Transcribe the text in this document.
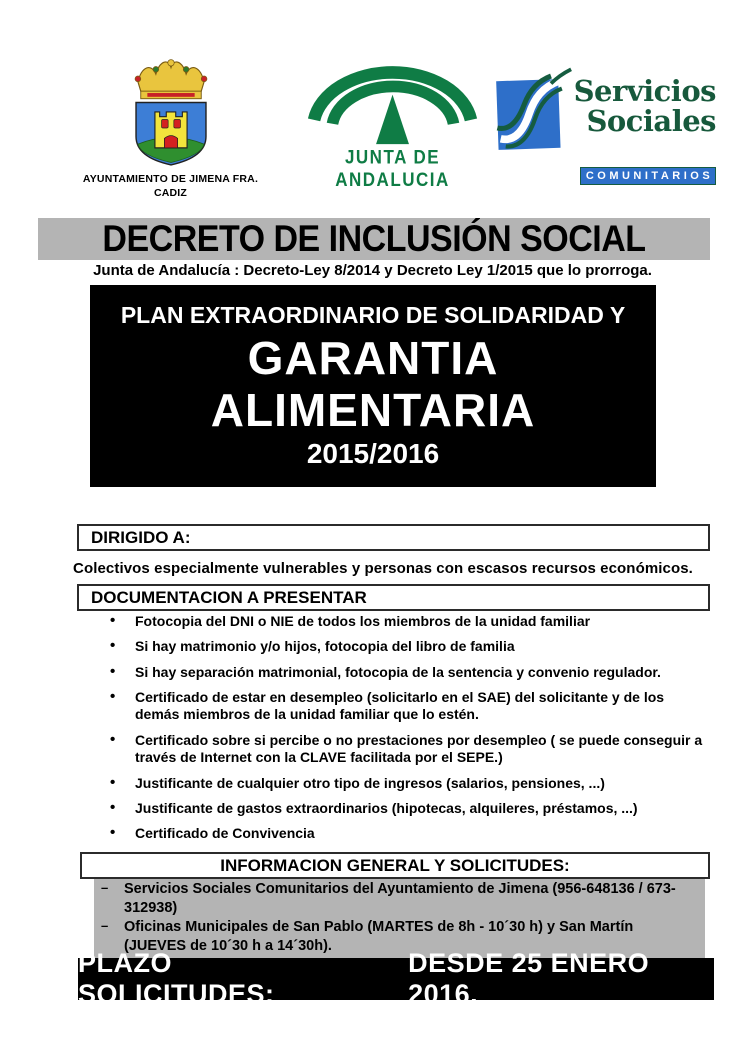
AYUNTAMIENTO DE JIMENA FRA.
CADIZ
JUNTA DE ANDALUCIA
Servicios
Sociales
COMUNITARIOS
DECRETO DE INCLUSIÓN SOCIAL
Junta de Andalucía : Decreto-Ley 8/2014 y Decreto Ley 1/2015 que lo prorroga.
PLAN EXTRAORDINARIO DE SOLIDARIDAD Y
GARANTIA
ALIMENTARIA
2015/2016
DIRIGIDO A:
Colectivos especialmente vulnerables y personas con escasos recursos económicos.
DOCUMENTACION A PRESENTAR
• Fotocopia del DNI o NIE de todos los miembros de la unidad familiar
• Si hay matrimonio y/o hijos, fotocopia del libro de familia
• Si hay separación matrimonial, fotocopia de la sentencia y convenio regulador.
• Certificado de estar en desempleo (solicitarlo en el SAE) del solicitante y de los demás miembros de la unidad familiar que lo estén.
• Certificado sobre si percibe o no prestaciones por desempleo ( se puede conseguir a través de Internet con la CLAVE facilitada por el SEPE.)
• Justificante de cualquier otro tipo de ingresos (salarios, pensiones, ...)
• Justificante de gastos extraordinarios (hipotecas, alquileres, préstamos, ...)
• Certificado de Convivencia
INFORMACION GENERAL Y SOLICITUDES:
– Servicios Sociales Comunitarios del Ayuntamiento de Jimena (956-648136 / 673-312938)
– Oficinas Municipales de San Pablo (MARTES de 8h - 10´30 h) y San Martín (JUEVES de 10´30 h a 14´30h).
PLAZO SOLICITUDES:
DESDE 25 ENERO 2016.
